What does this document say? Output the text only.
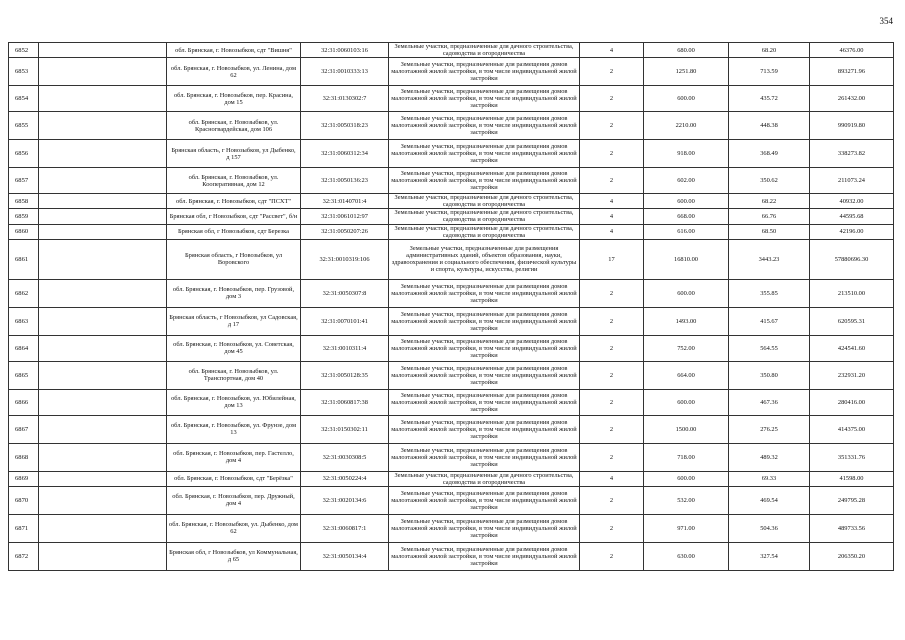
354
6852		обл. Брянская, г. Новозыбков, сдт "Вишня"	32:31:0060103:16	Земельные участки, предназначенные для дачного строительства, садоводства и огородничества	4	680.00	68.20	46376.00
6853		обл. Брянская, г. Новозыбков, ул. Ленина, дом 62	32:31:0010333:13	Земельные участки, предназначенные для размещения домов малоэтажной жилой застройки, в том числе индивидуальной жилой застройки	2	1251.80	713.59	893271.96
6854		обл. Брянская, г. Новозыбков, пер. Красина, дом 15	32:31:0130302:7	Земельные участки, предназначенные для размещения домов малоэтажной жилой застройки, в том числе индивидуальной жилой застройки	2	600.00	435.72	261432.00
6855		обл. Брянская, г. Новозыбков, ул. Красногвардейская, дом 106	32:31:0050318:23	Земельные участки, предназначенные для размещения домов малоэтажной жилой застройки, в том числе индивидуальной жилой застройки	2	2210.00	448.38	990919.80
6856		Брянская область, г Новозыбков, ул Дыбенко, д 157	32:31:0060312:34	Земельные участки, предназначенные для размещения домов малоэтажной жилой застройки, в том числе индивидуальной жилой застройки	2	918.00	368.49	338273.82
6857		обл. Брянская, г. Новозыбков, ул. Кооперативная, дом 12	32:31:0050136:23	Земельные участки, предназначенные для размещения домов малоэтажной жилой застройки, в том числе индивидуальной жилой застройки	2	602.00	350.62	211073.24
6858		обл. Брянская, г. Новозыбков, сдт "ПСХТ"	32:31:0140701:4	Земельные участки, предназначенные для дачного строительства, садоводства и огородничества	4	600.00	68.22	40932.00
6859		Брянская обл, г Новозыбков, сдт "Рассвет", б/н	32:31:0061012:97	Земельные участки, предназначенные для дачного строительства, садоводства и огородничества	4	668.00	66.76	44595.68
6860		Брянская обл, г Новозыбков, сдт Березка	32:31:0050207:26	Земельные участки, предназначенные для дачного строительства, садоводства и огородничества	4	616.00	68.50	42196.00
6861		Брянская область, г Новозыбков, ул Воровского	32:31:0010319:106	Земельные участки, предназначенные для размещения административных зданий, объектов образования, науки, здравоохранения и социального обеспечения, физической культуры и спорта, культуры, искусства, религии	17	16810.00	3443.23	57880696.30
6862		обл. Брянская, г. Новозыбков, пер. Грузовой, дом 3	32:31:0050307:8	Земельные участки, предназначенные для размещения домов малоэтажной жилой застройки, в том числе индивидуальной жилой застройки	2	600.00	355.85	213510.00
6863		Брянская область, г Новозыбков, ул Садовская, д 17	32:31:0070101:41	Земельные участки, предназначенные для размещения домов малоэтажной жилой застройки, в том числе индивидуальной жилой застройки	2	1493.00	415.67	620595.31
6864		обл. Брянская, г. Новозыбков, ул. Советская, дом 45	32:31:0010311:4	Земельные участки, предназначенные для размещения домов малоэтажной жилой застройки, в том числе индивидуальной жилой застройки	2	752.00	564.55	424541.60
6865		обл. Брянская, г. Новозыбков, ул. Транспортная, дом 40	32:31:0050128:35	Земельные участки, предназначенные для размещения домов малоэтажной жилой застройки, в том числе индивидуальной жилой застройки	2	664.00	350.80	232931.20
6866		обл. Брянская, г. Новозыбков, ул. Юбилейная, дом 13	32:31:0060817:38	Земельные участки, предназначенные для размещения домов малоэтажной жилой застройки, в том числе индивидуальной жилой застройки	2	600.00	467.36	280416.00
6867		обл. Брянская, г. Новозыбков, ул. Фрунзе, дом 13	32:31:0150302:11	Земельные участки, предназначенные для размещения домов малоэтажной жилой застройки, в том числе индивидуальной жилой застройки	2	1500.00	276.25	414375.00
6868		обл. Брянская, г. Новозыбков, пер. Гастелло, дом 4	32:31:0030308:5	Земельные участки, предназначенные для размещения домов малоэтажной жилой застройки, в том числе индивидуальной жилой застройки	2	718.00	489.32	351331.76
6869		обл. Брянская, г. Новозыбков, сдт "Берёзка"	32:31:0050224:4	Земельные участки, предназначенные для дачного строительства, садоводства и огородничества	4	600.00	69.33	41598.00
6870		обл. Брянская, г. Новозыбков, пер. Дружный, дом 4	32:31:0020134:6	Земельные участки, предназначенные для размещения домов малоэтажной жилой застройки, в том числе индивидуальной жилой застройки	2	532.00	469.54	249795.28
6871		обл. Брянская, г. Новозыбков, ул. Дыбенко, дом 62	32:31:0060817:1	Земельные участки, предназначенные для размещения домов малоэтажной жилой застройки, в том числе индивидуальной жилой застройки	2	971.00	504.36	489733.56
6872		Брянская обл, г Новозыбков, ул Коммунальная, д 65	32:31:0050134:4	Земельные участки, предназначенные для размещения домов малоэтажной жилой застройки, в том числе индивидуальной жилой застройки	2	630.00	327.54	206350.20
